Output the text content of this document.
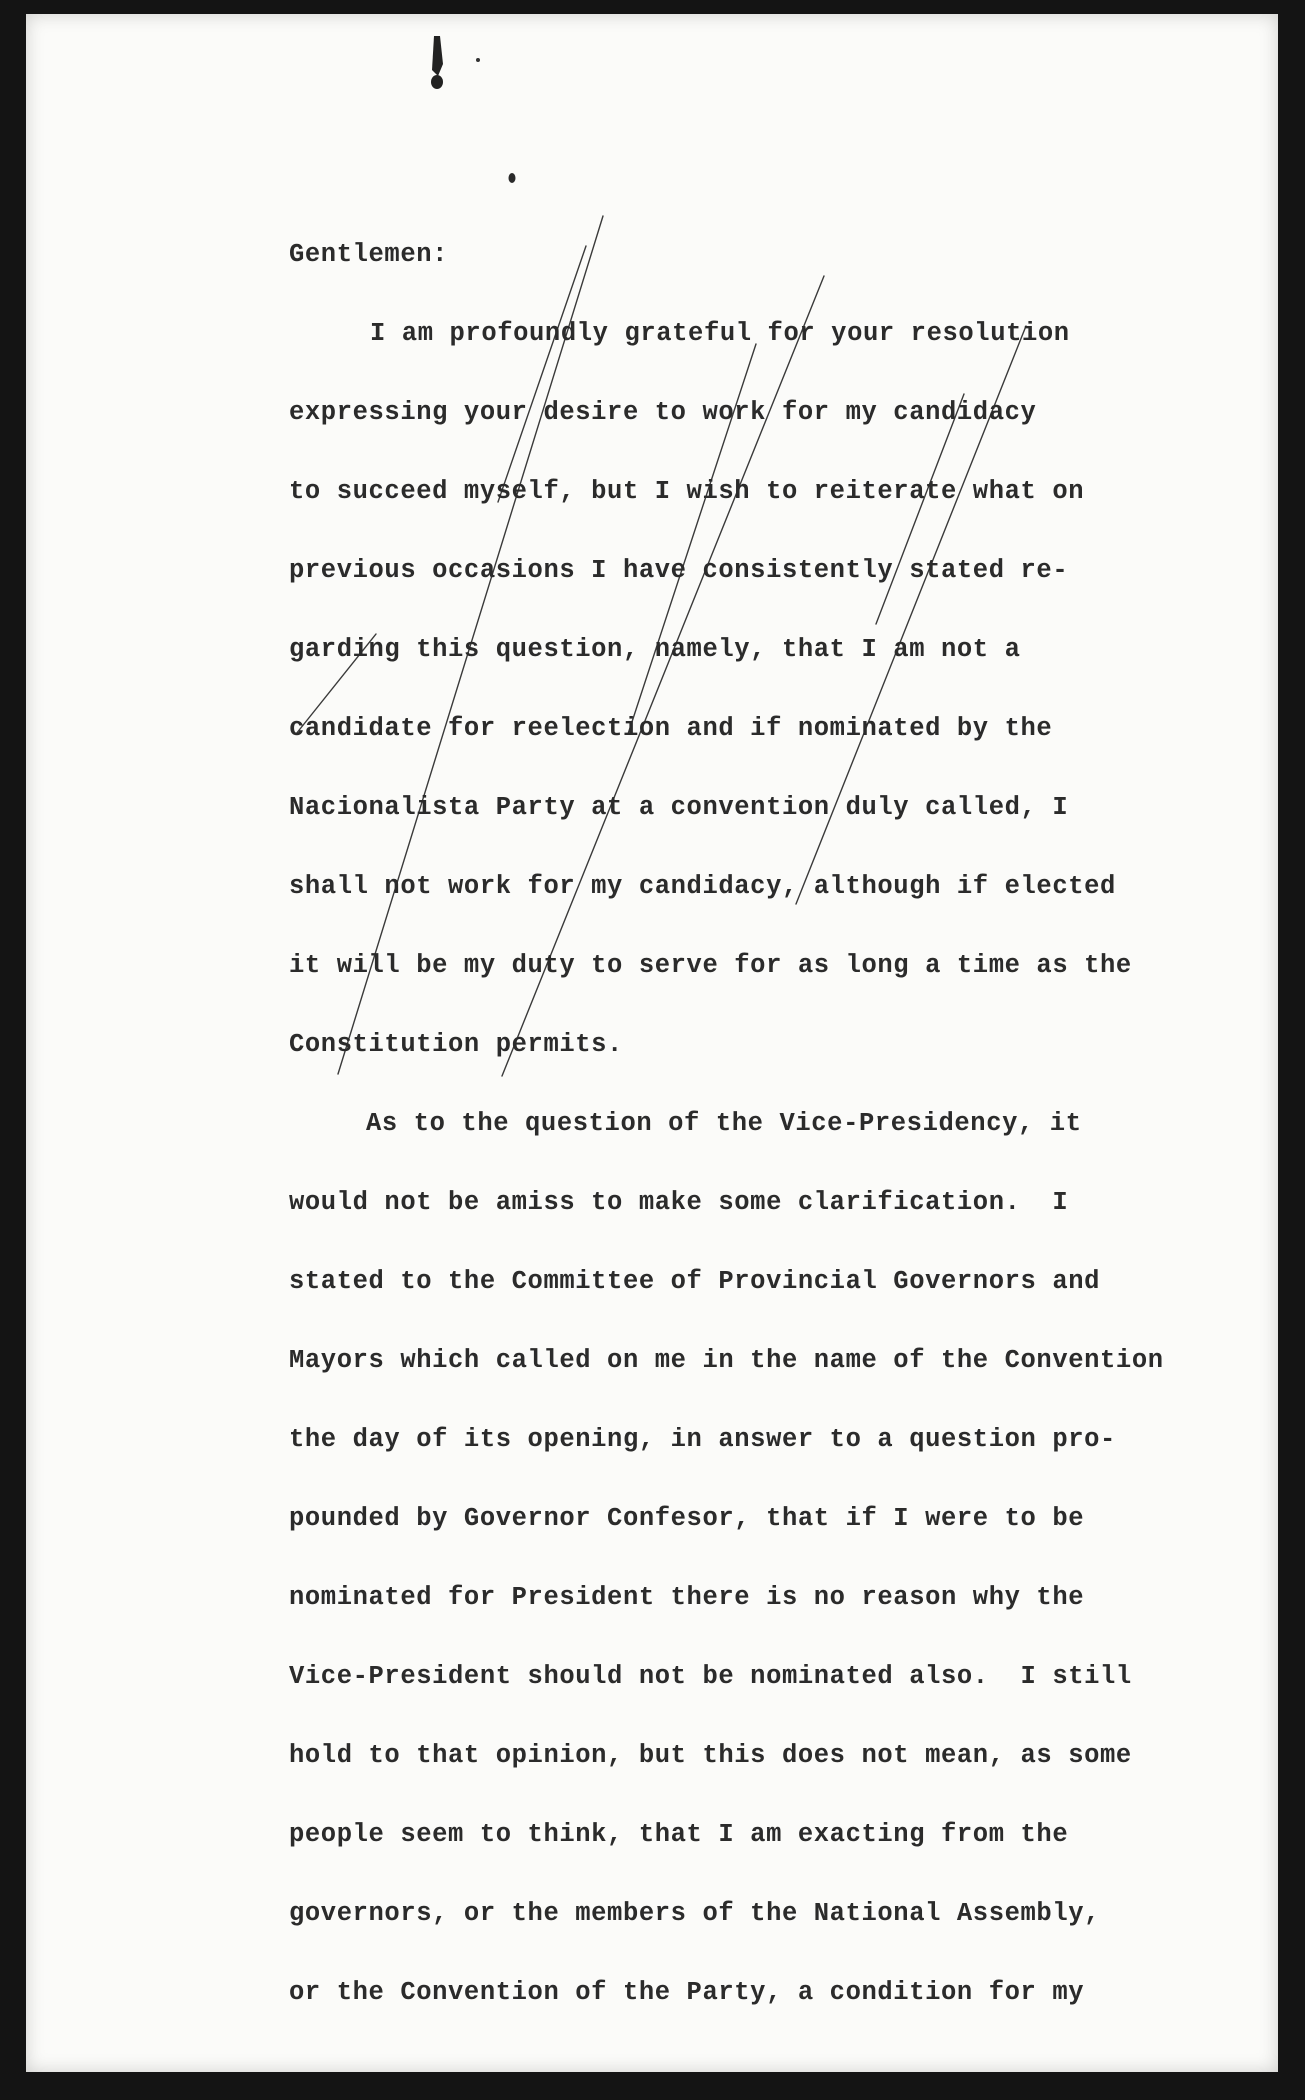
Gentlemen:
I am profoundly grateful for your resolution
expressing your desire to work for my candidacy
to succeed myself, but I wish to reiterate what on
previous occasions I have consistently stated re-
garding this question, namely, that I am not a
candidate for reelection and if nominated by the
Nacionalista Party at a convention duly called, I
shall not work for my candidacy, although if elected
it will be my duty to serve for as long a time as the
Constitution permits.
As to the question of the Vice-Presidency, it
would not be amiss to make some clarification.  I
stated to the Committee of Provincial Governors and
Mayors which called on me in the name of the Convention
the day of its opening, in answer to a question pro-
pounded by Governor Confesor, that if I were to be
nominated for President there is no reason why the
Vice-President should not be nominated also.  I still
hold to that opinion, but this does not mean, as some
people seem to think, that I am exacting from the
governors, or the members of the National Assembly,
or the Convention of the Party, a condition for my
